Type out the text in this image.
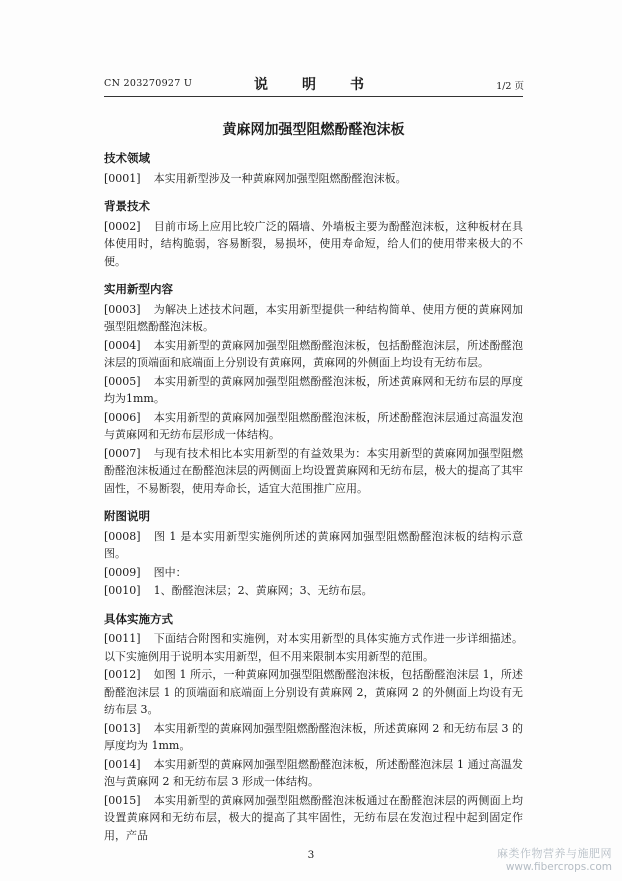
CN 203270927 U	说　明　书	1/2 页
黄麻网加强型阻燃酚醛泡沫板
技术领域
[0001] 本实用新型涉及一种黄麻网加强型阻燃酚醛泡沫板。
背景技术
[0002] 目前市场上应用比较广泛的隔墙、外墙板主要为酚醛泡沫板，这种板材在具体使用时，结构脆弱，容易断裂，易损坏，使用寿命短，给人们的使用带来极大的不便。
实用新型内容
[0003] 为解决上述技术问题，本实用新型提供一种结构简单、使用方便的黄麻网加强型阻燃酚醛泡沫板。
[0004] 本实用新型的黄麻网加强型阻燃酚醛泡沫板，包括酚醛泡沫层，所述酚醛泡沫层的顶端面和底端面上分别设有黄麻网，黄麻网的外侧面上均设有无纺布层。
[0005] 本实用新型的黄麻网加强型阻燃酚醛泡沫板，所述黄麻网和无纺布层的厚度均为1mm。
[0006] 本实用新型的黄麻网加强型阻燃酚醛泡沫板，所述酚醛泡沫层通过高温发泡与黄麻网和无纺布层形成一体结构。
[0007] 与现有技术相比本实用新型的有益效果为：本实用新型的黄麻网加强型阻燃酚醛泡沫板通过在酚醛泡沫层的两侧面上均设置黄麻网和无纺布层，极大的提高了其牢固性，不易断裂，使用寿命长，适宜大范围推广应用。
附图说明
[0008] 图 1 是本实用新型实施例所述的黄麻网加强型阻燃酚醛泡沫板的结构示意图。
[0009] 图中：
[0010] 1、酚醛泡沫层；2、黄麻网；3、无纺布层。
具体实施方式
[0011] 下面结合附图和实施例，对本实用新型的具体实施方式作进一步详细描述。以下实施例用于说明本实用新型，但不用来限制本实用新型的范围。
[0012] 如图 1 所示，一种黄麻网加强型阻燃酚醛泡沫板，包括酚醛泡沫层 1，所述酚醛泡沫层 1 的顶端面和底端面上分别设有黄麻网 2，黄麻网 2 的外侧面上均设有无纺布层 3。
[0013] 本实用新型的黄麻网加强型阻燃酚醛泡沫板，所述黄麻网 2 和无纺布层 3 的厚度均为 1mm。
[0014] 本实用新型的黄麻网加强型阻燃酚醛泡沫板，所述酚醛泡沫层 1 通过高温发泡与黄麻网 2 和无纺布层 3 形成一体结构。
[0015] 本实用新型的黄麻网加强型阻燃酚醛泡沫板通过在酚醛泡沫层的两侧面上均设置黄麻网和无纺布层，极大的提高了其牢固性，无纺布层在发泡过程中起到固定作用，产品
3	麻类作物营养与施肥网
www.fibercrops.com
